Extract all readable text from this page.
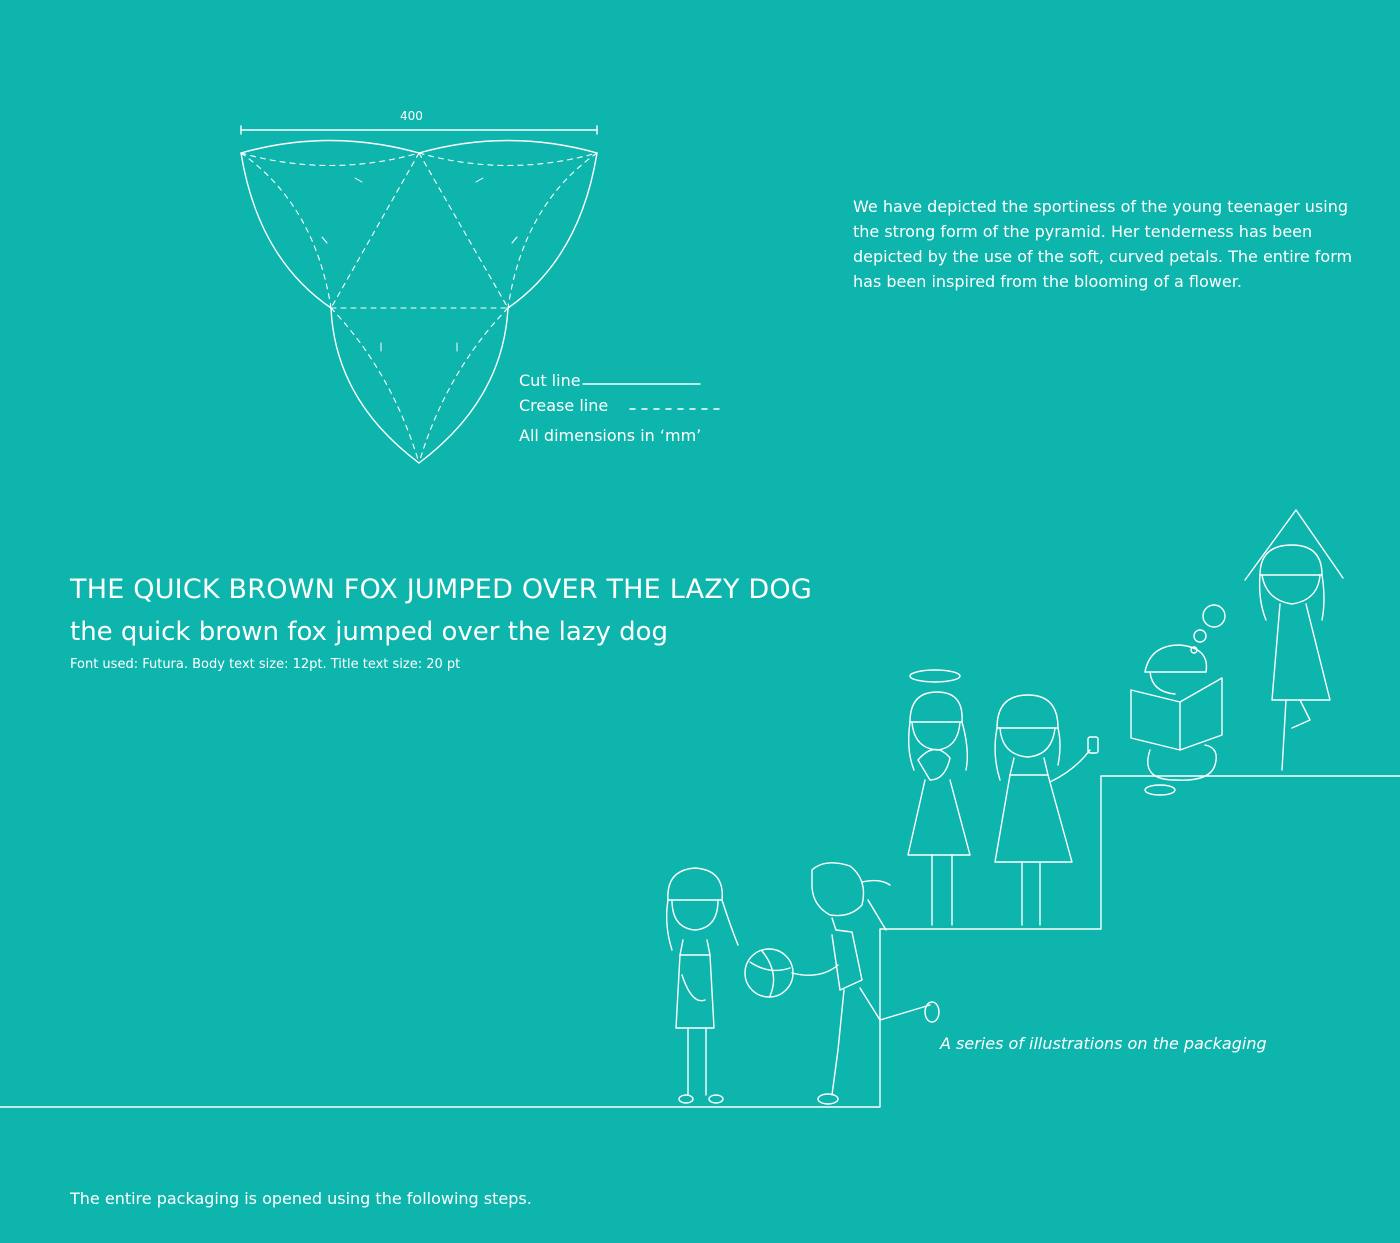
400
We have depicted the sportiness of the young teenager using the strong form of the pyramid. Her tenderness has been depicted by the use of the soft, curved petals. The entire form has been inspired from the blooming of a flower.
Cut line
Crease line
All dimensions in ‘mm’
THE QUICK BROWN FOX JUMPED OVER THE LAZY DOG
the quick brown fox jumped over the lazy dog
Font used: Futura. Body text size: 12pt. Title text size: 20 pt
A series of illustrations on the packaging
The entire packaging is opened using the following steps.
